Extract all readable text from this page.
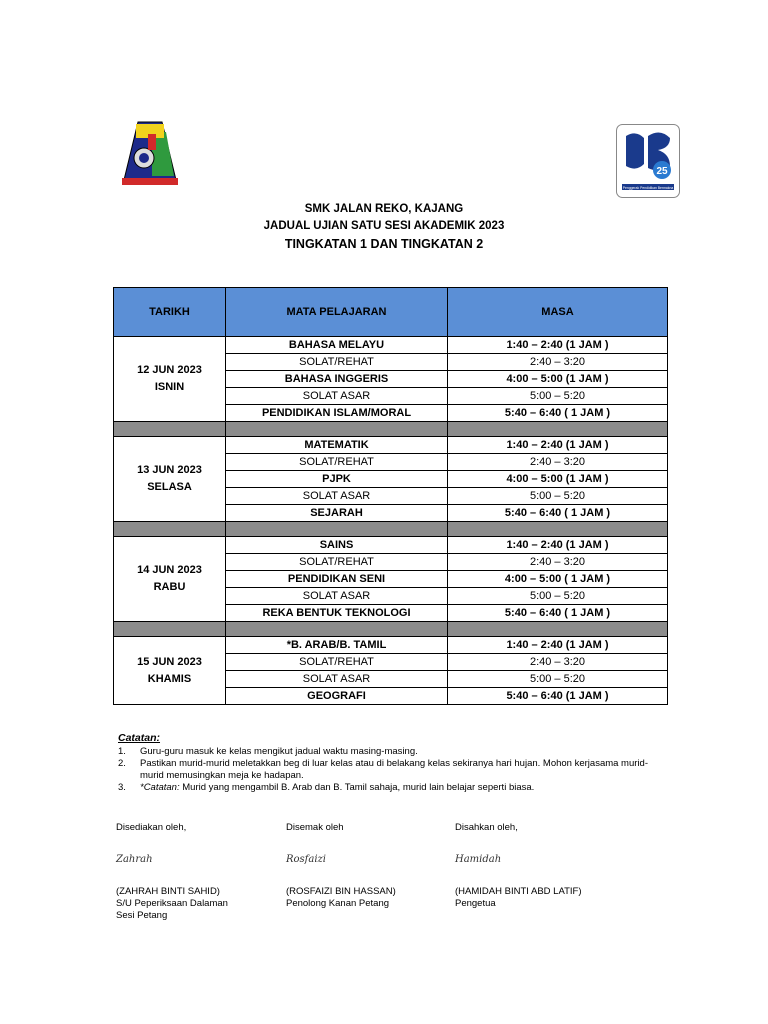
25
Penggerak Pendidikan Bermakna
SMK JALAN REKO, KAJANG
JADUAL UJIAN SATU SESI AKADEMIK 2023
TINGKATAN 1 DAN TINGKATAN 2
TARIKH	MATA PELAJARAN	MASA

12 JUN 2023
ISNIN	BAHASA MELAYU	1:40 – 2:40 (1 JAM )
	SOLAT/REHAT	2:40 – 3:20
	BAHASA INGGERIS	4:00 – 5:00 (1 JAM )
	SOLAT ASAR	5:00 – 5:20
	PENDIDIKAN ISLAM/MORAL	5:40 – 6:40 ( 1 JAM )

13 JUN 2023
SELASA	MATEMATIK	1:40 – 2:40 (1 JAM )
	SOLAT/REHAT	2:40 – 3:20
	PJPK	4:00 – 5:00 (1 JAM )
	SOLAT ASAR	5:00 – 5:20
	SEJARAH	5:40 – 6:40 ( 1 JAM )

14 JUN 2023
RABU	SAINS	1:40 – 2:40 (1 JAM )
	SOLAT/REHAT	2:40 – 3:20
	PENDIDIKAN SENI	4:00 – 5:00 ( 1 JAM )
	SOLAT ASAR	5:00 – 5:20
	REKA BENTUK TEKNOLOGI	5:40 – 6:40 ( 1 JAM )

15 JUN 2023
KHAMIS	*B. ARAB/B. TAMIL	1:40 – 2:40 (1 JAM )
	SOLAT/REHAT	2:40 – 3:20
	SOLAT ASAR	5:00 – 5:20
	GEOGRAFI	5:40 – 6:40 (1 JAM )
Catatan:
1.	Guru-guru masuk ke kelas mengikut jadual waktu masing-masing.
2.	Pastikan murid-murid meletakkan beg di luar kelas atau di belakang kelas sekiranya hari hujan. Mohon kerjasama murid-murid memusingkan meja ke hadapan.
3.	*Catatan: Murid yang mengambil B. Arab dan B. Tamil sahaja, murid lain belajar seperti biasa.
Disediakan oleh,
Zahrah
(ZAHRAH BINTI SAHID)
S/U Peperiksaan Dalaman
Sesi Petang
Disemak oleh
Rosfaizi
(ROSFAIZI BIN HASSAN)
Penolong Kanan Petang
Disahkan oleh,
Hamidah
(HAMIDAH BINTI ABD LATIF)
Pengetua
